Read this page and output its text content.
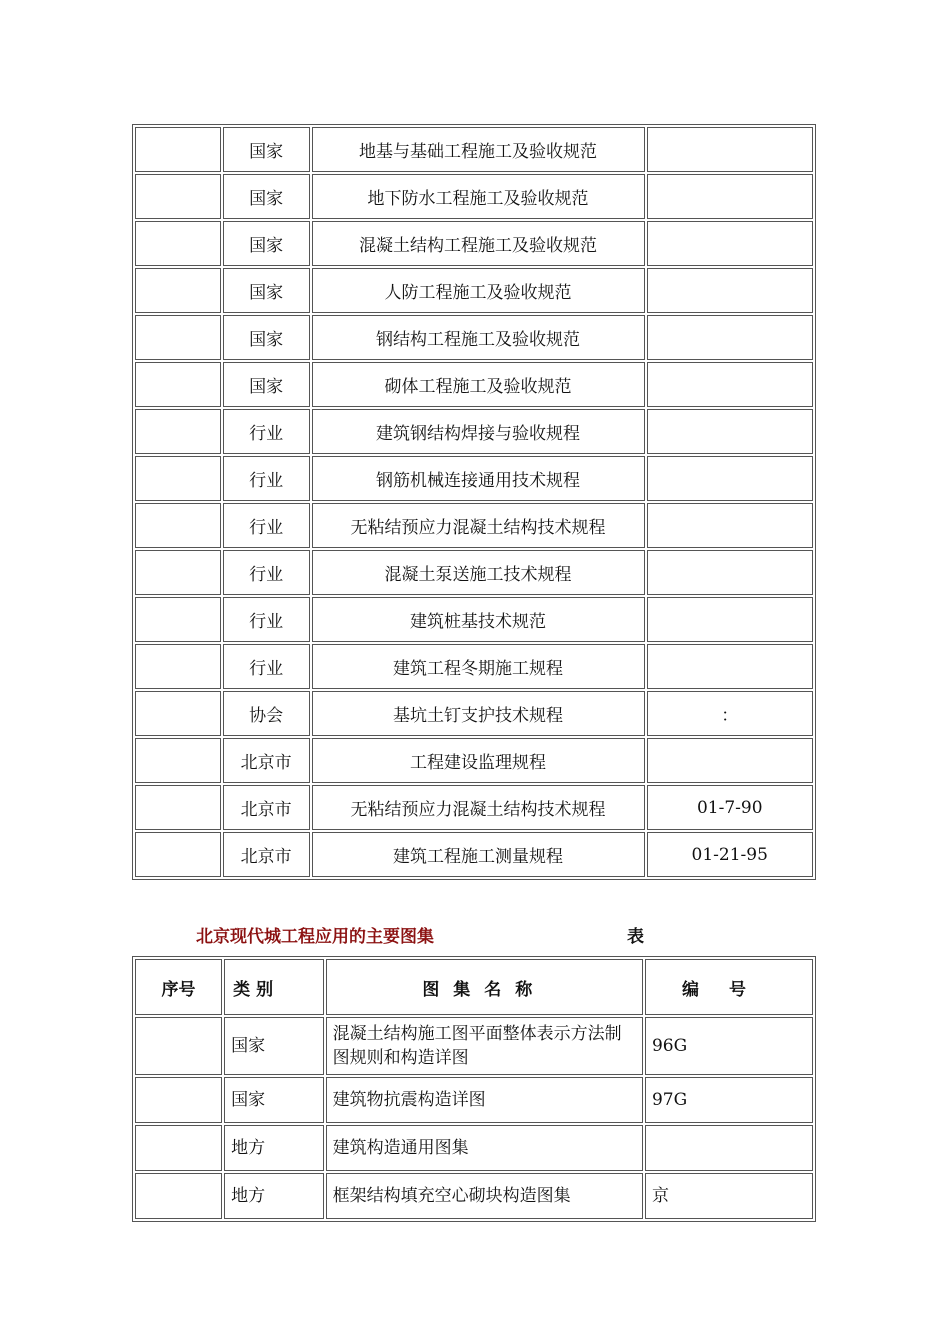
	国家	地基与基础工程施工及验收规范	
	国家	地下防水工程施工及验收规范	
	国家	混凝土结构工程施工及验收规范	
	国家	人防工程施工及验收规范	
	国家	钢结构工程施工及验收规范	
	国家	砌体工程施工及验收规范	
	行业	建筑钢结构焊接与验收规程	
	行业	钢筋机械连接通用技术规程	
	行业	无粘结预应力混凝土结构技术规程	
	行业	混凝土泵送施工技术规程	
	行业	建筑桩基技术规范	
	行业	建筑工程冬期施工规程	
	协会	基坑土钉支护技术规程	：
	北京市	工程建设监理规程	
	北京市	无粘结预应力混凝土结构技术规程	01-7-90
	北京市	建筑工程施工测量规程	01-21-95
北京现代城工程应用的主要图集	表
序号	类别	图集名称	编号
	国家	混凝土结构施工图平面整体表示方法制图规则和构造详图	96G
	国家	建筑物抗震构造详图	97G
	地方	建筑构造通用图集	
	地方	框架结构填充空心砌块构造图集	京
